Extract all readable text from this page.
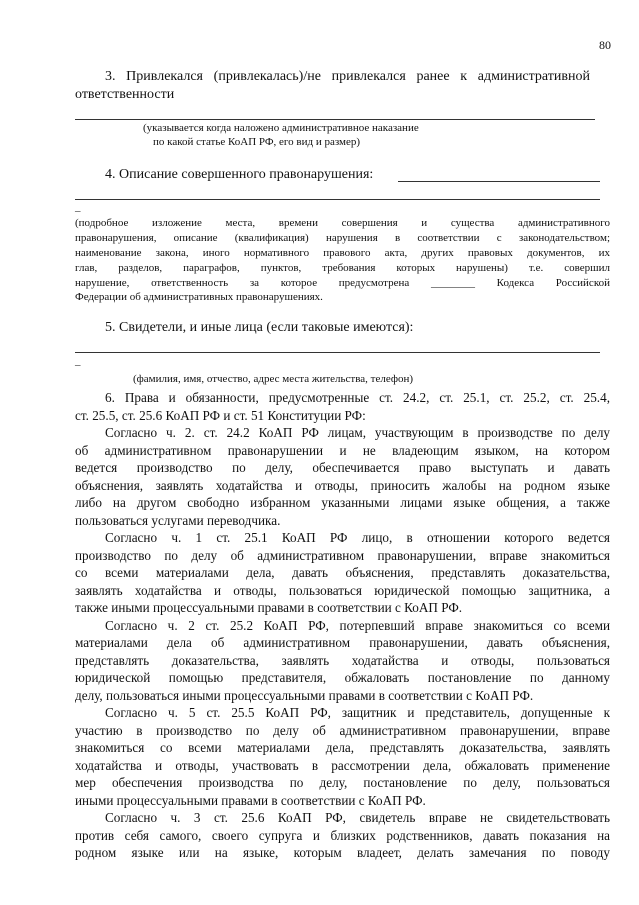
80
3. Привлекался (привлекалась)/не привлекался ранее к административной
ответственности
(указывается когда наложено административное наказание
по какой статье КоАП РФ, его вид и размер)
4. Описание совершенного правонарушения:
_
(подробное изложение места, времени совершения и существа административного
правонарушения, описание (квалификация) нарушения в соответствии с законодательством;
наименование закона, иного нормативного правового акта, других правовых документов, их
глав, разделов, параграфов, пунктов, требования которых нарушены) т.е. совершил
нарушение, ответственность за которое предусмотрена ________ Кодекса Российской
Федерации об административных правонарушениях.
5. Свидетели, и иные лица (если таковые имеются):
_
(фамилия, имя, отчество, адрес места жительства, телефон)
6. Права и обязанности, предусмотренные ст. 24.2, ст. 25.1, ст. 25.2, ст. 25.4,
ст. 25.5, ст. 25.6 КоАП РФ и ст. 51 Конституции РФ:
Согласно ч. 2. ст. 24.2 КоАП РФ лицам, участвующим в производстве по делу
об административном правонарушении и не владеющим языком, на котором
ведется производство по делу, обеспечивается право выступать и давать
объяснения, заявлять ходатайства и отводы, приносить жалобы на родном языке
либо на другом свободно избранном указанными лицами языке общения, а также
пользоваться услугами переводчика.
Согласно ч. 1 ст. 25.1 КоАП РФ лицо, в отношении которого ведется
производство по делу об административном правонарушении, вправе знакомиться
со всеми материалами дела, давать объяснения, представлять доказательства,
заявлять ходатайства и отводы, пользоваться юридической помощью защитника, а
также иными процессуальными правами в соответствии с КоАП РФ.
Согласно ч. 2 ст. 25.2 КоАП РФ, потерпевший вправе знакомиться со всеми
материалами дела об административном правонарушении, давать объяснения,
представлять доказательства, заявлять ходатайства и отводы, пользоваться
юридической помощью представителя, обжаловать постановление по данному
делу, пользоваться иными процессуальными правами в соответствии с КоАП РФ.
Согласно ч. 5 ст. 25.5 КоАП РФ, защитник и представитель, допущенные к
участию в производство по делу об административном правонарушении, вправе
знакомиться со всеми материалами дела, представлять доказательства, заявлять
ходатайства и отводы, участвовать в рассмотрении дела, обжаловать применение
мер обеспечения производства по делу, постановление по делу, пользоваться
иными процессуальными правами в соответствии с КоАП РФ.
Согласно ч. 3 ст. 25.6 КоАП РФ, свидетель вправе не свидетельствовать
против себя самого, своего супруга и близких родственников, давать показания на
родном языке или на языке, которым владеет, делать замечания по поводу
